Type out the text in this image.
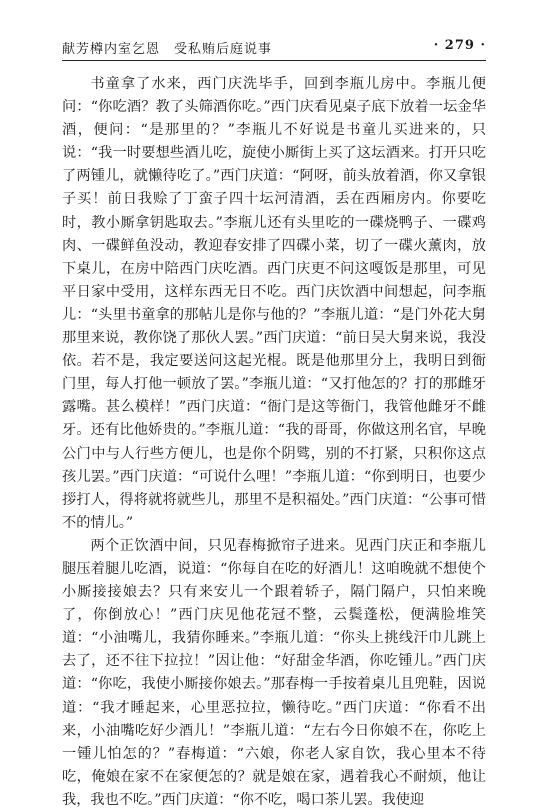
献芳樽内室乞恩　受私贿后庭说事	· 279 ·

书童拿了水来，西门庆洗毕手，回到李瓶儿房中。李瓶儿便问：“你吃酒？教了头筛酒你吃。”西门庆看见桌子底下放着一坛金华酒，便问：“是那里的？”李瓶儿不好说是书童儿买进来的，只说：“我一时要想些酒儿吃，旋使小厮街上买了这坛酒来。打开只吃了两锺儿，就懒待吃了。”西门庆道：“阿呀，前头放着酒，你又拿银子买！前日我赊了丁蛮子四十坛河清酒，丢在西厢房内。你要吃时，教小厮拿钥匙取去。”李瓶儿还有头里吃的一碟烧鸭子、一碟鸡肉、一碟鲜鱼没动，教迎春安排了四碟小菜，切了一碟火薰肉，放下桌儿，在房中陪西门庆吃酒。西门庆更不问这嘎饭是那里，可见平日家中受用，这样东西无日不吃。西门庆饮酒中间想起，问李瓶儿：“头里书童拿的那帖儿是你与他的？”李瓶儿道：“是门外花大舅那里来说，教你饶了那伙人罢。”西门庆道：“前日吴大舅来说，我没依。若不是，我定要送问这起光棍。既是他那里分上，我明日到衙门里，每人打他一顿放了罢。”李瓶儿道：“又打他怎的？打的那雌牙露嘴。甚么模样！”西门庆道：“衙门是这等衙门，我管他雌牙不雌牙。还有比他娇贵的。”李瓶儿道：“我的哥哥，你做这刑名官，早晚公门中与人行些方便儿，也是你个阴骘，别的不打紧，只积你这点孩儿罢。”西门庆道：“可说什么哩！”李瓶儿道：“你到明日，也要少拶打人，得将就将就些儿，那里不是积福处。”西门庆道：“公事可惜不的情儿。”

两个正饮酒中间，只见春梅掀帘子进来。见西门庆正和李瓶儿腿压着腿儿吃酒，说道：“你每自在吃的好酒儿！这咱晚就不想使个小厮接接娘去？只有来安儿一个跟着轿子，隔门隔户，只怕来晚了，你倒放心！”西门庆见他花冠不整，云鬓蓬松，便满脸堆笑道：“小油嘴儿，我猜你睡来。”李瓶儿道：“你头上挑线汗巾儿跳上去了，还不往下拉拉！”因让他：“好甜金华酒，你吃锺儿。”西门庆道：“你吃，我使小厮接你娘去。”那春梅一手按着桌儿且兜鞋，因说道：“我才睡起来，心里恶拉拉，懒待吃。”西门庆道：“你看不出来，小油嘴吃好少酒儿！”李瓶儿道：“左右今日你娘不在，你吃上一锺儿怕怎的？”春梅道：“六娘，你老人家自饮，我心里本不待吃，俺娘在家不在家便怎的？就是娘在家，遇着我心不耐烦，他让我，我也不吃。”西门庆道：“你不吃，喝口茶儿罢。我使迎
